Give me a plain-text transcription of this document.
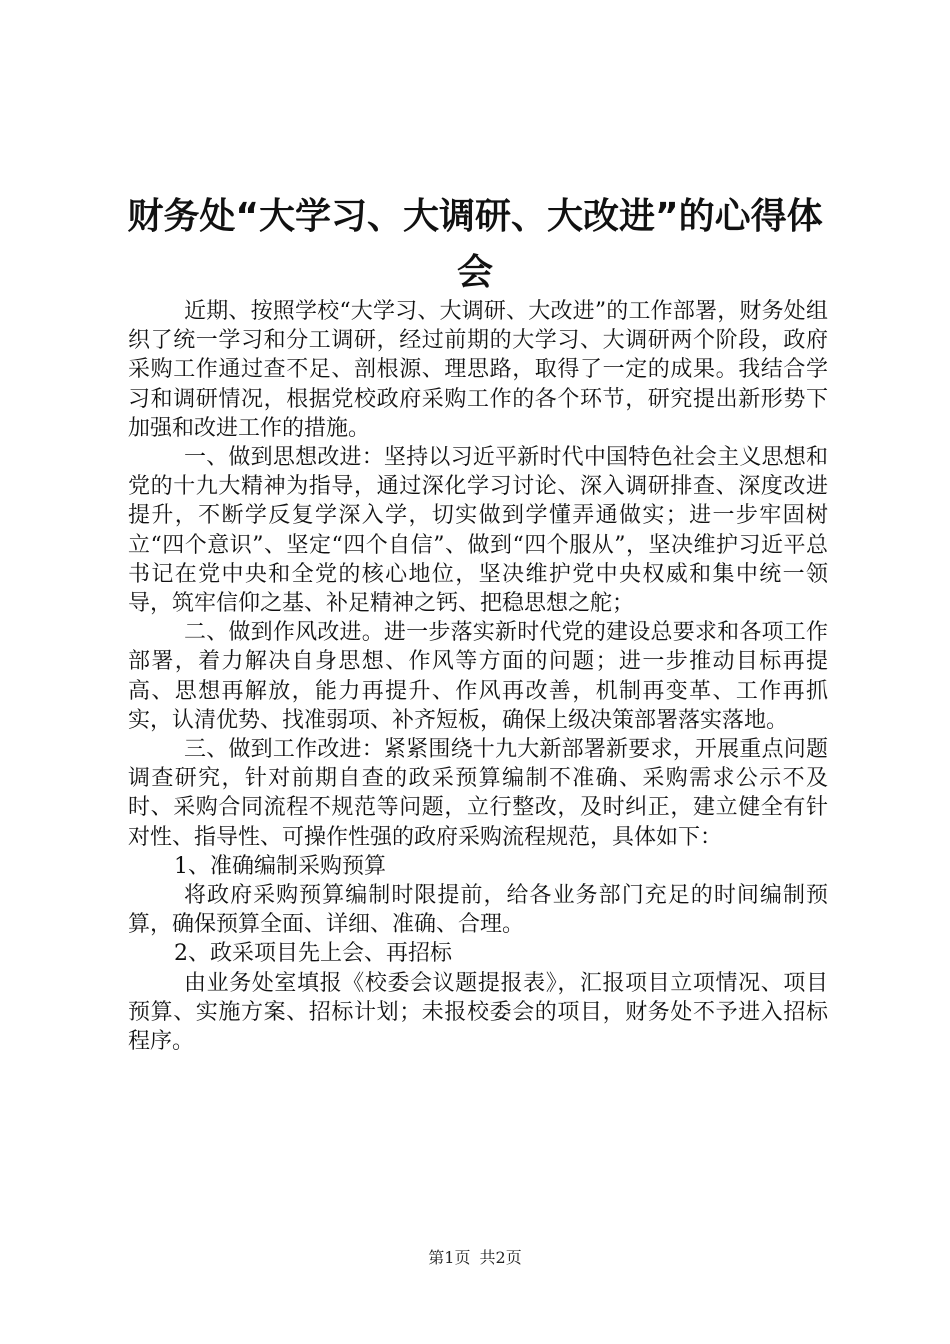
财务处“大学习、大调研、大改进”的心得体
会

近期、按照学校“大学习、大调研、大改进”的工作部署，财务处组织了统一学习和分工调研，经过前期的大学习、大调研两个阶段，政府采购工作通过查不足、剖根源、理思路，取得了一定的成果。我结合学习和调研情况，根据党校政府采购工作的各个环节，研究提出新形势下加强和改进工作的措施。

一、做到思想改进：坚持以习近平新时代中国特色社会主义思想和党的十九大精神为指导，通过深化学习讨论、深入调研排查、深度改进提升，不断学反复学深入学，切实做到学懂弄通做实；进一步牢固树立“四个意识”、坚定“四个自信”、做到“四个服从”，坚决维护习近平总书记在党中央和全党的核心地位，坚决维护党中央权威和集中统一领导，筑牢信仰之基、补足精神之钙、把稳思想之舵；

二、做到作风改进。进一步落实新时代党的建设总要求和各项工作部署，着力解决自身思想、作风等方面的问题；进一步推动目标再提高、思想再解放，能力再提升、作风再改善，机制再变革、工作再抓实，认清优势、找准弱项、补齐短板，确保上级决策部署落实落地。

三、做到工作改进：紧紧围绕十九大新部署新要求，开展重点问题调查研究，针对前期自查的政采预算编制不准确、采购需求公示不及时、采购合同流程不规范等问题，立行整改，及时纠正，建立健全有针对性、指导性、可操作性强的政府采购流程规范，具体如下：

1、准确编制采购预算

将政府采购预算编制时限提前，给各业务部门充足的时间编制预算，确保预算全面、详细、准确、合理。

2、政采项目先上会、再招标

由业务处室填报《校委会议题提报表》，汇报项目立项情况、项目预算、实施方案、招标计划；未报校委会的项目，财务处不予进入招标程序。

第1页 共2页
